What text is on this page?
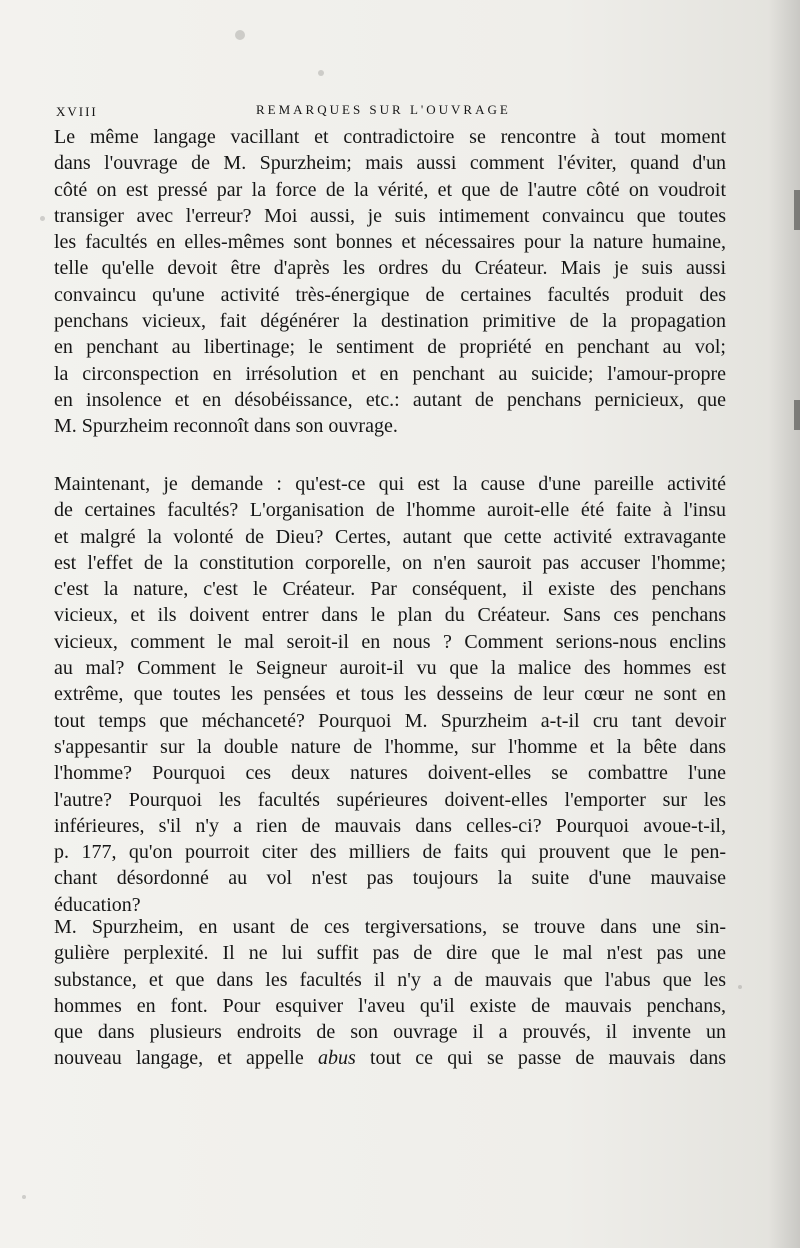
XVIII	REMARQUES SUR L'OUVRAGE
Le même langage vacillant et contradictoire se rencontre à tout moment
dans l'ouvrage de M. Spurzheim; mais aussi comment l'éviter, quand d'un
côté on est pressé par la force de la vérité, et que de l'autre côté on voudroit
transiger avec l'erreur? Moi aussi, je suis intimement convaincu que toutes
les facultés en elles-mêmes sont bonnes et nécessaires pour la nature humaine,
telle qu'elle devoit être d'après les ordres du Créateur. Mais je suis aussi
convaincu qu'une activité très-énergique de certaines facultés produit des
penchans vicieux, fait dégénérer la destination primitive de la propagation
en penchant au libertinage; le sentiment de propriété en penchant au vol;
la circonspection en irrésolution et en penchant au suicide; l'amour-propre
en insolence et en désobéissance, etc.: autant de penchans pernicieux, que
M. Spurzheim reconnoît dans son ouvrage.
Maintenant, je demande : qu'est-ce qui est la cause d'une pareille activité
de certaines facultés? L'organisation de l'homme auroit-elle été faite à l'insu
et malgré la volonté de Dieu? Certes, autant que cette activité extravagante
est l'effet de la constitution corporelle, on n'en sauroit pas accuser l'homme;
c'est la nature, c'est le Créateur. Par conséquent, il existe des penchans
vicieux, et ils doivent entrer dans le plan du Créateur. Sans ces penchans
vicieux, comment le mal seroit-il en nous ? Comment serions-nous enclins
au mal? Comment le Seigneur auroit-il vu que la malice des hommes est
extrême, que toutes les pensées et tous les desseins de leur cœur ne sont en
tout temps que méchanceté? Pourquoi M. Spurzheim a-t-il cru tant devoir
s'appesantir sur la double nature de l'homme, sur l'homme et la bête dans
l'homme? Pourquoi ces deux natures doivent-elles se combattre l'une
l'autre? Pourquoi les facultés supérieures doivent-elles l'emporter sur les
inférieures, s'il n'y a rien de mauvais dans celles-ci? Pourquoi avoue-t-il,
p. 177, qu'on pourroit citer des milliers de faits qui prouvent que le pen-
chant désordonné au vol n'est pas toujours la suite d'une mauvaise
éducation?
M. Spurzheim, en usant de ces tergiversations, se trouve dans une sin-
gulière perplexité. Il ne lui suffit pas de dire que le mal n'est pas une
substance, et que dans les facultés il n'y a de mauvais que l'abus que les
hommes en font. Pour esquiver l'aveu qu'il existe de mauvais penchans,
que dans plusieurs endroits de son ouvrage il a prouvés, il invente un
nouveau langage, et appelle abus tout ce qui se passe de mauvais dans
